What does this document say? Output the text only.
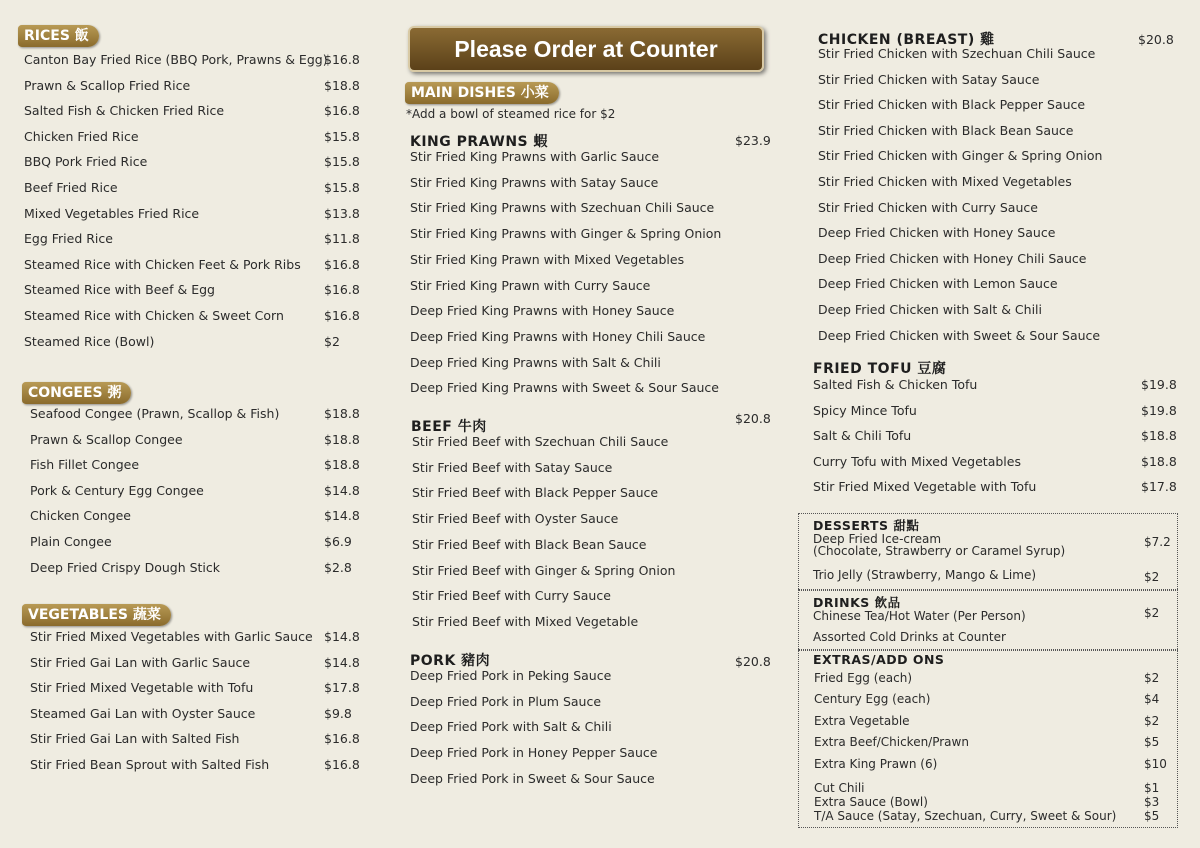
RICES 飯
Canton Bay Fried Rice (BBQ Pork, Prawns & Egg)
$16.8
Prawn & Scallop Fried Rice	$18.8
Salted Fish & Chicken Fried Rice	$16.8
Chicken Fried Rice	$15.8
BBQ Pork Fried Rice	$15.8
Beef Fried Rice	$15.8
Mixed Vegetables Fried Rice	$13.8
Egg Fried Rice	$11.8
Steamed Rice with Chicken Feet & Pork Ribs $16.8
Steamed Rice with Beef & Egg	$16.8
Steamed Rice with Chicken & Sweet Corn	$16.8
Steamed Rice (Bowl)	$2
CONGEES 粥
Seafood Congee (Prawn, Scallop & Fish)	$18.8
Prawn & Scallop Congee	$18.8
Fish Fillet Congee	$18.8
Pork & Century Egg Congee	$14.8
Chicken Congee	$14.8
Plain Congee	$6.9
Deep Fried Crispy Dough Stick	$2.8
VEGETABLES 蔬菜
Stir Fried Mixed Vegetables with Garlic Sauce $14.8
Stir Fried Gai Lan with Garlic Sauce	$14.8
Stir Fried Mixed Vegetable with Tofu	$17.8
Steamed Gai Lan with Oyster Sauce	$9.8
Stir Fried Gai Lan with Salted Fish	$16.8
Stir Fried Bean Sprout with Salted Fish	$16.8
Please Order at Counter
MAIN DISHES 小菜
*Add a bowl of steamed rice for $2
KING PRAWNS 蝦	$23.9
Stir Fried King Prawns with Garlic Sauce
Stir Fried King Prawns with Satay Sauce
Stir Fried King Prawns with Szechuan Chili Sauce
Stir Fried King Prawns with Ginger & Spring Onion
Stir Fried King Prawn with Mixed Vegetables
Stir Fried King Prawn with Curry Sauce
Deep Fried King Prawns with Honey Sauce
Deep Fried King Prawns with Honey Chili Sauce
Deep Fried King Prawns with Salt & Chili
Deep Fried King Prawns with Sweet & Sour Sauce
BEEF 牛肉
$20.8
Stir Fried Beef with Szechuan Chili Sauce
Stir Fried Beef with Satay Sauce
Stir Fried Beef with Black Pepper Sauce
Stir Fried Beef with Oyster Sauce
Stir Fried Beef with Black Bean Sauce
Stir Fried Beef with Ginger & Spring Onion
Stir Fried Beef with Curry Sauce
Stir Fried Beef with Mixed Vegetable
PORK 豬肉	$20.8
Deep Fried Pork in Peking Sauce
Deep Fried Pork in Plum Sauce
Deep Fried Pork with Salt & Chili
Deep Fried Pork in Honey Pepper Sauce
Deep Fried Pork in Sweet & Sour Sauce
CHICKEN (BREAST) 雞	$20.8
Stir Fried Chicken with Szechuan Chili Sauce
Stir Fried Chicken with Satay Sauce
Stir Fried Chicken with Black Pepper Sauce
Stir Fried Chicken with Black Bean Sauce
Stir Fried Chicken with Ginger & Spring Onion
Stir Fried Chicken with Mixed Vegetables
Stir Fried Chicken with Curry Sauce
Deep Fried Chicken with Honey Sauce
Deep Fried Chicken with Honey Chili Sauce
Deep Fried Chicken with Lemon Sauce
Deep Fried Chicken with Salt & Chili
Deep Fried Chicken with Sweet & Sour Sauce
FRIED TOFU 豆腐
Salted Fish & Chicken Tofu	$19.8
Spicy Mince Tofu	$19.8
Salt & Chili Tofu	$18.8
Curry Tofu with Mixed Vegetables	$18.8
Stir Fried Mixed Vegetable with Tofu	$17.8
DESSERTS 甜點
Deep Fried Ice-cream
(Chocolate, Strawberry or Caramel Syrup)
$7.2
Trio Jelly (Strawberry, Mango & Lime)	$2
DRINKS 飲品
Chinese Tea/Hot Water (Per Person)	$2
Assorted Cold Drinks at Counter
EXTRAS/ADD ONS
Fried Egg (each)	$2
Century Egg (each)	$4
Extra Vegetable	$2
Extra Beef/Chicken/Prawn	$5
Extra King Prawn (6)	$10
Cut Chili	$1
Extra Sauce (Bowl)	$3
T/A Sauce (Satay, Szechuan, Curry, Sweet & Sour) $5
